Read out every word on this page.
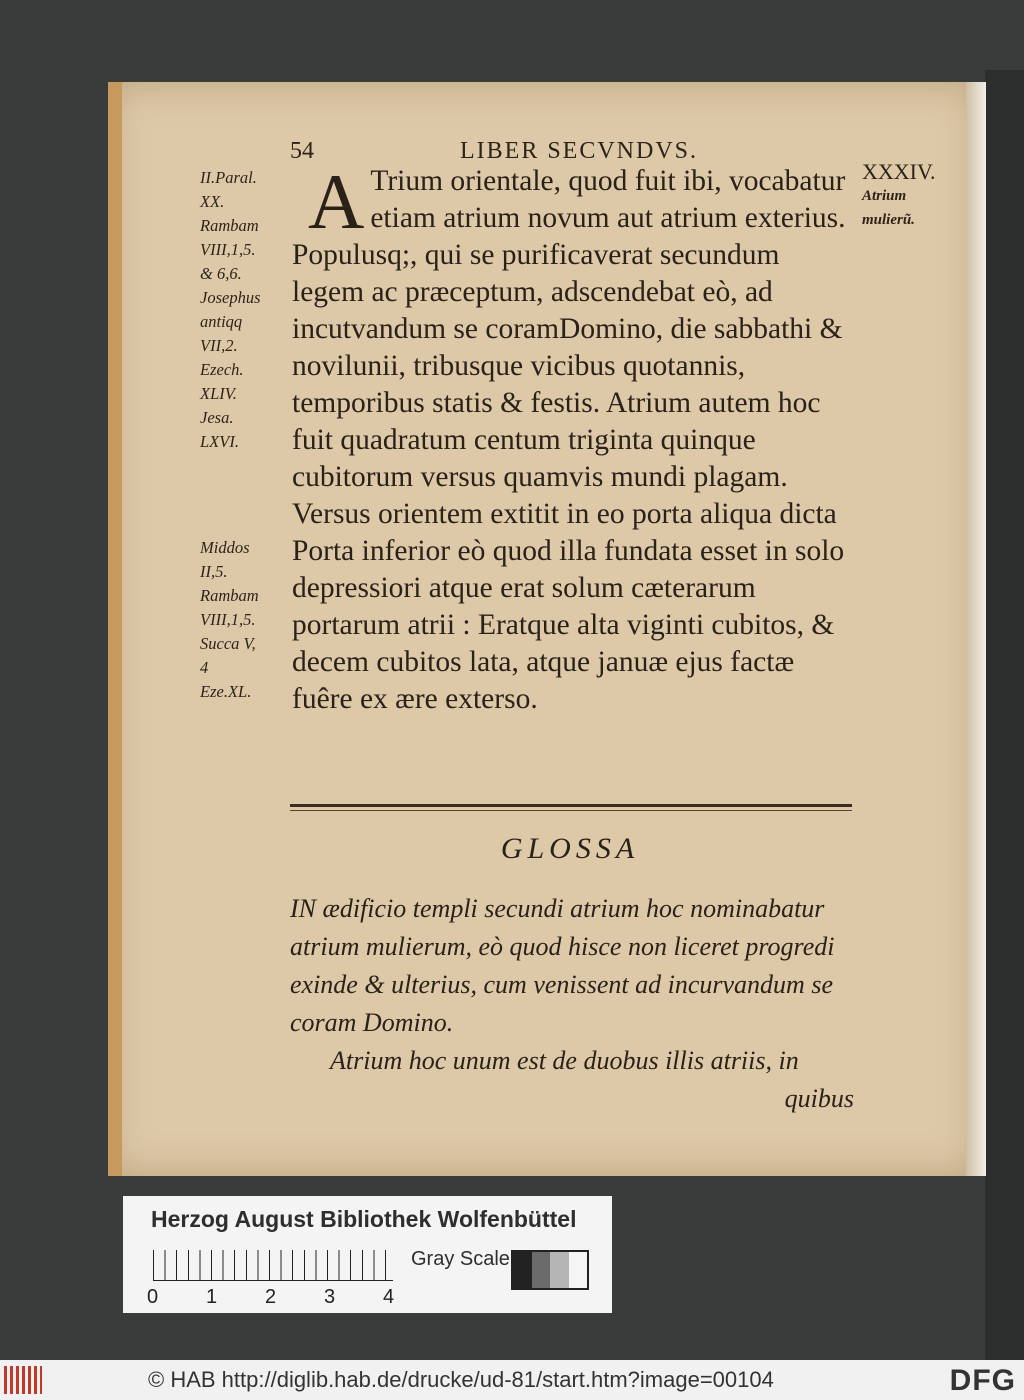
54	LIBER SECVNDVS.
II.Paral.
XX.
Rambam
VIII,1,5.
& 6,6.
Josephus
antiqq
VII,2.
Ezech.
XLIV.
Jesa.
LXVI.
Middos
II,5.
Rambam
VIII,1,5.
Succa V,
4
Eze.XL.
XXXIV.
Atrium
mulierũ.
A Trium orientale, quod fuit ibi, vocabatur etiam atrium novum aut atrium exterius. Populusq;, qui se purificaverat secundum legem ac præceptum, adscendebat eò, ad incutvandum se coramDomino, die sabbathi & novilunii, tribusque vicibus quotannis, temporibus statis & festis. Atrium autem hoc fuit quadratum centum triginta quinque cubitorum versus quamvis mundi plagam. Versus orientem extitit in eo porta aliqua dicta Porta inferior eò quod illa fundata esset in solo depressiori atque erat solum cæterarum portarum atrii : Eratque alta viginti cubitos, & decem cubitos lata, atque januæ ejus factæ fuêre ex ære exterso.

GLOSSA

IN ædificio templi secundi atrium hoc nominabatur atrium mulierum, eò quod hisce non liceret progredi exinde & ulterius, cum venissent ad incurvandum se coram Domino.

Atrium hoc unum est de duobus illis atriis, in

quibus

Herzog August Bibliothek Wolfenbüttel
0 1 2 3 4
Gray Scale
© HAB http://diglib.hab.de/drucke/ud-81/start.htm?image=00104	DFG
